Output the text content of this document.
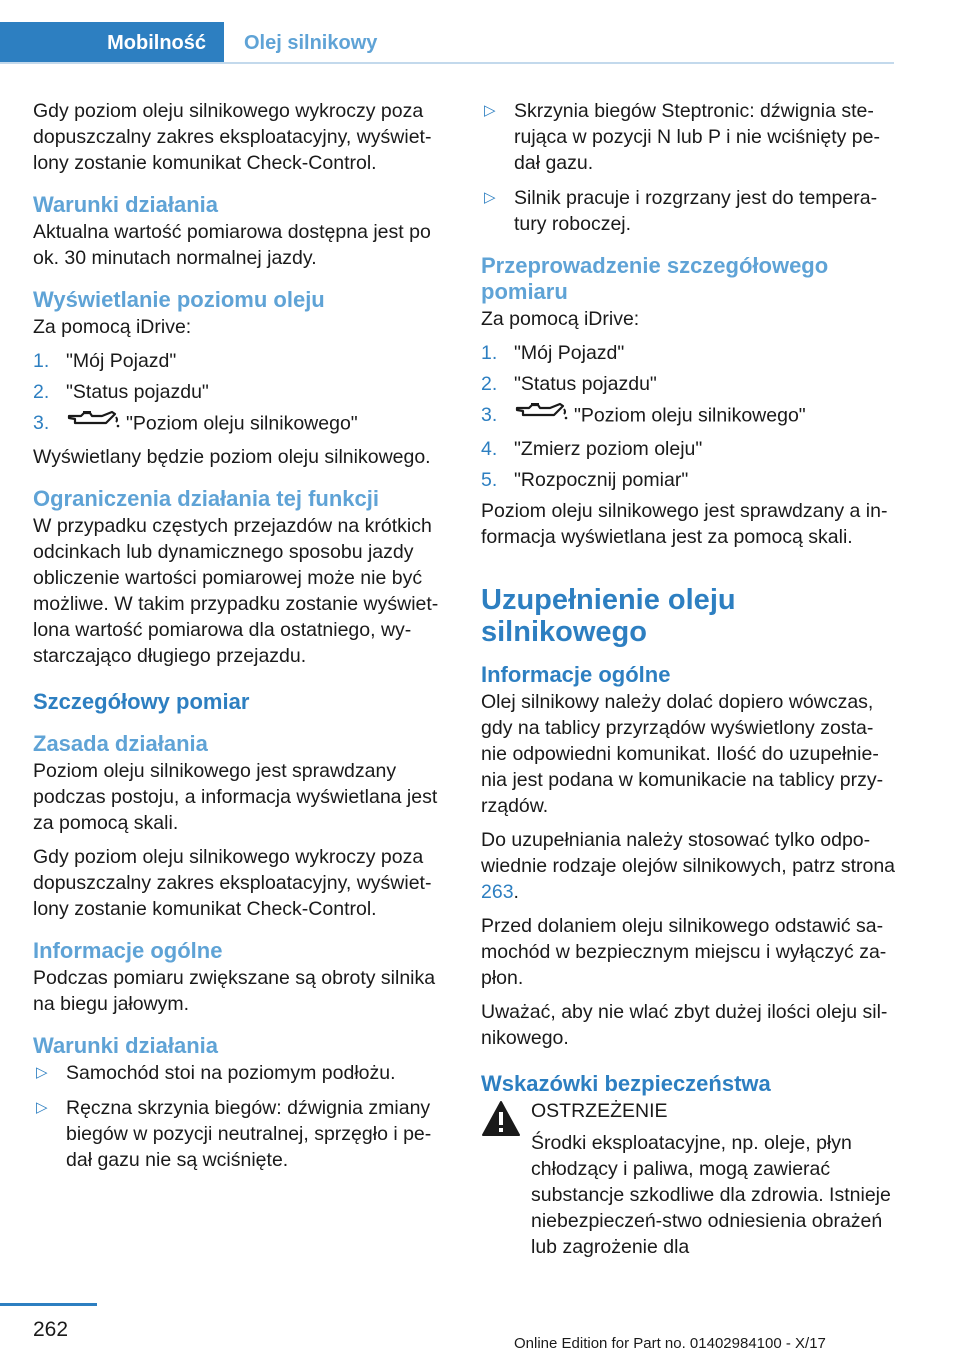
Mobilność	Olej silnikowy

Gdy poziom oleju silnikowego wykroczy poza dopuszczalny zakres eksploatacyjny, wyświet‐lony zostanie komunikat Check-Control.

Warunki działania

Aktualna wartość pomiarowa dostępna jest po ok. 30 minutach normalnej jazdy.

Wyświetlanie poziomu oleju

Za pomocą iDrive:

1. "Mój Pojazd"
2. "Status pojazdu"
3.	"Poziom oleju silnikowego"

Wyświetlany będzie poziom oleju silnikowego.

Ograniczenia działania tej funkcji

W przypadku częstych przejazdów na krótkich odcinkach lub dynamicznego sposobu jazdy obliczenie wartości pomiarowej może nie być możliwe. W takim przypadku zostanie wyświet‐lona wartość pomiarowa dla ostatniego, wy‐starczająco długiego przejazdu.

Szczegółowy pomiar
Zasada działania

Poziom oleju silnikowego jest sprawdzany podczas postoju, a informacja wyświetlana jest za pomocą skali.

Gdy poziom oleju silnikowego wykroczy poza dopuszczalny zakres eksploatacyjny, wyświet‐lony zostanie komunikat Check-Control.

Informacje ogólne

Podczas pomiaru zwiększane są obroty silnika na biegu jałowym.

Warunki działania
▷ Samochód stoi na poziomym podłożu.
▷ Ręczna skrzynia biegów: dźwignia zmiany biegów w pozycji neutralnej, sprzęgło i pe‐dał gazu nie są wciśnięte.
▷ Skrzynia biegów Steptronic: dźwignia ste‐rująca w pozycji N lub P i nie wciśnięty pe‐dał gazu.
▷ Silnik pracuje i rozgrzany jest do tempera‐tury roboczej.
Przeprowadzenie szczegółowego pomiaru

Za pomocą iDrive:

1. "Mój Pojazd"
2. "Status pojazdu"
3.	"Poziom oleju silnikowego"
4. "Zmierz poziom oleju"
5. "Rozpocznij pomiar"

Poziom oleju silnikowego jest sprawdzany a in‐formacja wyświetlana jest za pomocą skali.

Uzupełnienie oleju silnikowego
Informacje ogólne

Olej silnikowy należy dolać dopiero wówczas, gdy na tablicy przyrządów wyświetlony zosta‐nie odpowiedni komunikat. Ilość do uzupełnie‐nia jest podana w komunikacie na tablicy przy‐rządów.

Do uzupełniania należy stosować tylko odpo‐wiednie rodzaje olejów silnikowych, patrz strona 263.

Przed dolaniem oleju silnikowego odstawić sa‐mochód w bezpiecznym miejscu i wyłączyć za‐płon.

Uważać, aby nie wlać zbyt dużej ilości oleju sil‐nikowego.

Wskazówki bezpieczeństwa
OSTRZEŻENIE
Środki eksploatacyjne, np. oleje, płyn chłodzący i paliwa, mogą zawierać substancje szkodliwe dla zdrowia. Istnieje niebezpieczeń‐stwo odniesienia obrażeń lub zagrożenie dla
262
Online Edition for Part no. 01402984100 - X/17
